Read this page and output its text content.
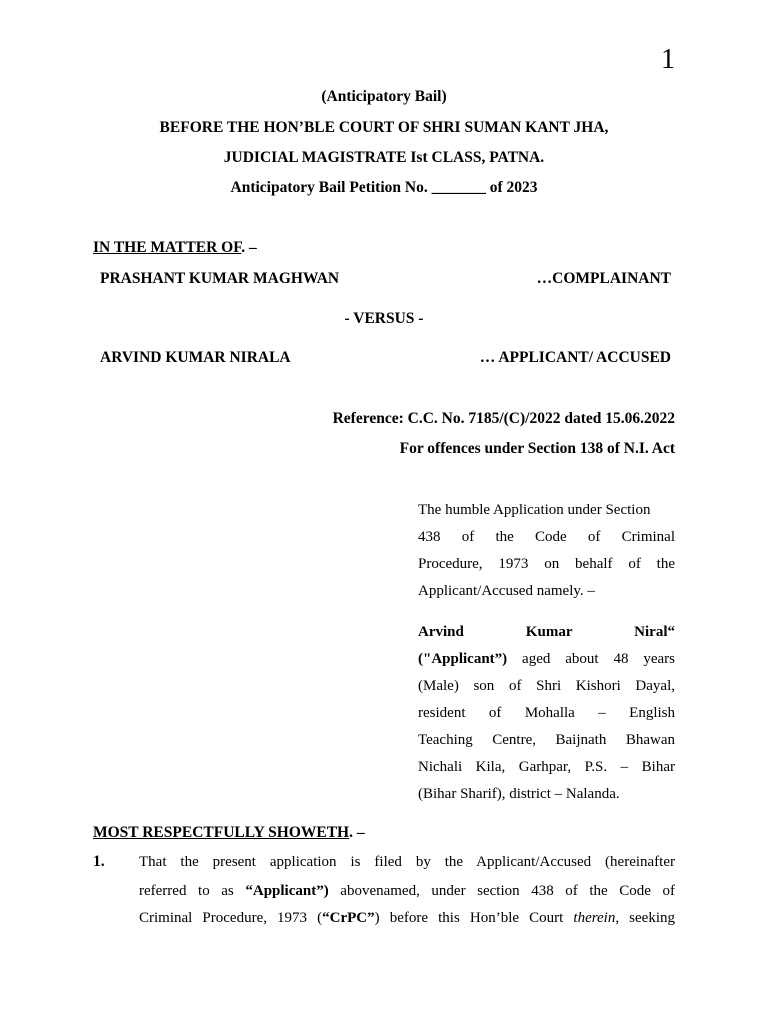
1
(Anticipatory Bail)
BEFORE THE HON’BLE COURT OF SHRI SUMAN KANT JHA,
JUDICIAL MAGISTRATE Ist CLASS, PATNA.
Anticipatory Bail Petition No. _______ of 2023
IN THE MATTER OF. –
PRASHANT KUMAR MAGHWAN	…COMPLAINANT
- VERSUS -
ARVIND KUMAR NIRALA	… APPLICANT/ ACCUSED
Reference: C.C. No. 7185/(C)/2022 dated 15.06.2022
For offences under Section 138 of N.I. Act
The humble Application under Section
438 of the Code of Criminal
Procedure, 1973 on behalf of the
Applicant/Accused namely. –
Arvind Kumar Niral“
("Applicant”) aged about 48 years
(Male) son of Shri Kishori Dayal,
resident of Mohalla – English
Teaching Centre, Baijnath Bhawan
Nichali Kila, Garhpar, P.S. – Bihar
(Bihar Sharif), district – Nalanda.
MOST RESPECTFULLY SHOWETH. –
1. That the present application is filed by the Applicant/Accused (hereinafter
referred to as “Applicant”) abovenamed, under section 438 of the Code of
Criminal Procedure, 1973 (“CrPC”) before this Hon’ble Court therein, seeking
